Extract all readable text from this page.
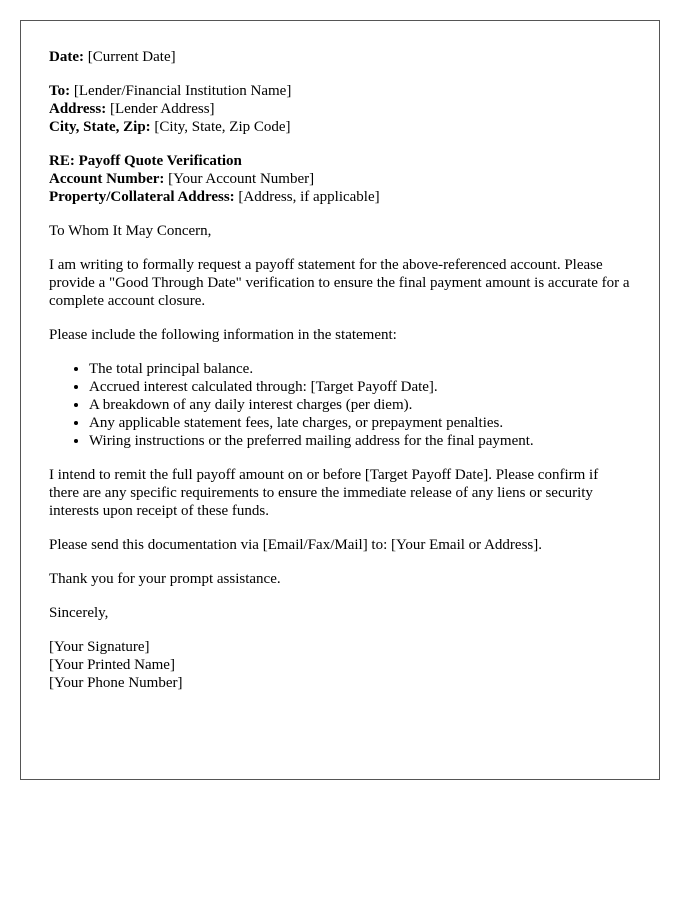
Date: [Current Date]
To: [Lender/Financial Institution Name]
Address: [Lender Address]
City, State, Zip: [City, State, Zip Code]
RE: Payoff Quote Verification
Account Number: [Your Account Number]
Property/Collateral Address: [Address, if applicable]

To Whom It May Concern,

I am writing to formally request a payoff statement for the above-referenced account. Please provide a "Good Through Date" verification to ensure the final payment amount is accurate for a complete account closure.

Please include the following information in the statement:

• The total principal balance.
• Accrued interest calculated through: [Target Payoff Date].
• A breakdown of any daily interest charges (per diem).
• Any applicable statement fees, late charges, or prepayment penalties.
• Wiring instructions or the preferred mailing address for the final payment.

I intend to remit the full payoff amount on or before [Target Payoff Date]. Please confirm if there are any specific requirements to ensure the immediate release of any liens or security interests upon receipt of these funds.

Please send this documentation via [Email/Fax/Mail] to: [Your Email or Address].

Thank you for your prompt assistance.

Sincerely,

[Your Signature]
[Your Printed Name]
[Your Phone Number]
